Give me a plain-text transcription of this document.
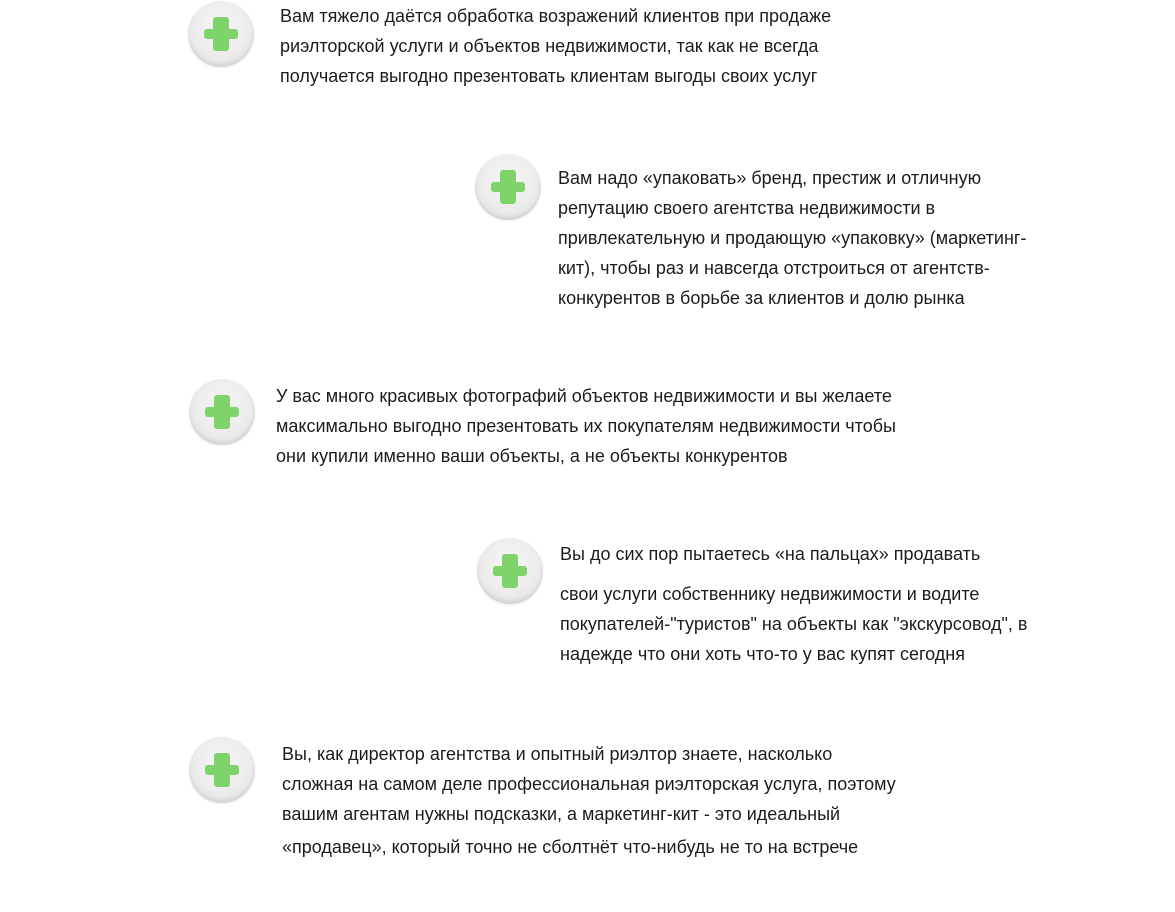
Вам тяжело даётся обработка возражений клиентов при продаже
риэлторской услуги и объектов недвижимости, так как не всегда
получается выгодно презентовать клиентам выгоды своих услуг
Вам надо «упаковать» бренд, престиж и отличную
репутацию своего агентства недвижимости в
привлекательную и продающую «упаковку» (маркетинг-
кит), чтобы раз и навсегда отстроиться от агентств-
конкурентов в борьбе за клиентов и долю рынка
У вас много красивых фотографий объектов недвижимости и вы желаете
максимально выгодно презентовать их покупателям недвижимости чтобы
они купили именно ваши объекты, а не объекты конкурентов
Вы до сих пор пытаетесь «на пальцах» продавать
свои услуги собственнику недвижимости и водите
покупателей-"туристов" на объекты как "экскурсовод", в
надежде что они хоть что-то у вас купят сегодня
Вы, как директор агентства и опытный риэлтор знаете, насколько
сложная на самом деле профессиональная риэлторская услуга, поэтому
вашим агентам нужны подсказки, а маркетинг-кит - это идеальный
«продавец», который точно не сболтнёт что-нибудь не то на встрече
